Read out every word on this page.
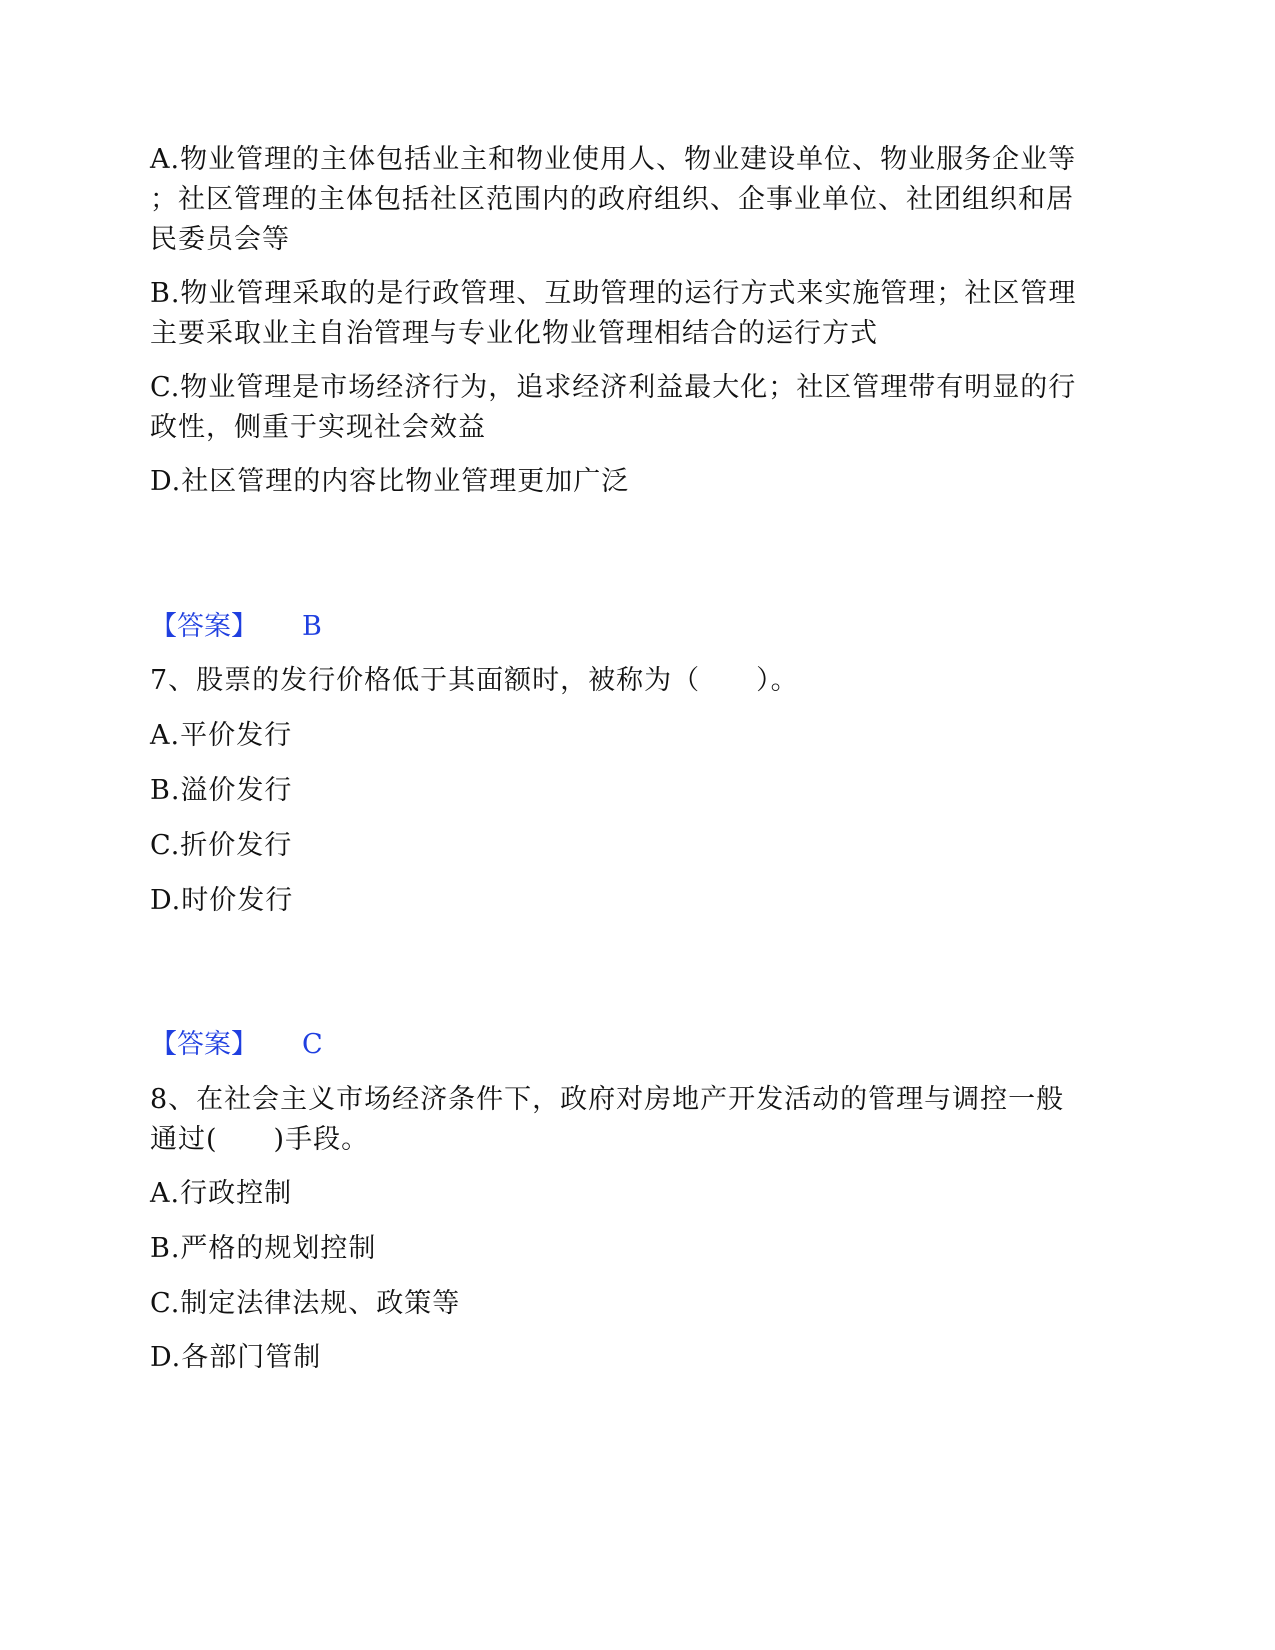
A.物业管理的主体包括业主和物业使用人、物业建设单位、物业服务企业等
；社区管理的主体包括社区范围内的政府组织、企事业单位、社团组织和居
民委员会等
B.物业管理采取的是行政管理、互助管理的运行方式来实施管理；社区管理
主要采取业主自治管理与专业化物业管理相结合的运行方式
C.物业管理是市场经济行为，追求经济利益最大化；社区管理带有明显的行
政性，侧重于实现社会效益
D.社区管理的内容比物业管理更加广泛
【答案】 B
7、股票的发行价格低于其面额时，被称为（　　）。
A.平价发行
B.溢价发行
C.折价发行
D.时价发行
【答案】 C
8、在社会主义市场经济条件下，政府对房地产开发活动的管理与调控一般
通过(　　)手段。
A.行政控制
B.严格的规划控制
C.制定法律法规、政策等
D.各部门管制
